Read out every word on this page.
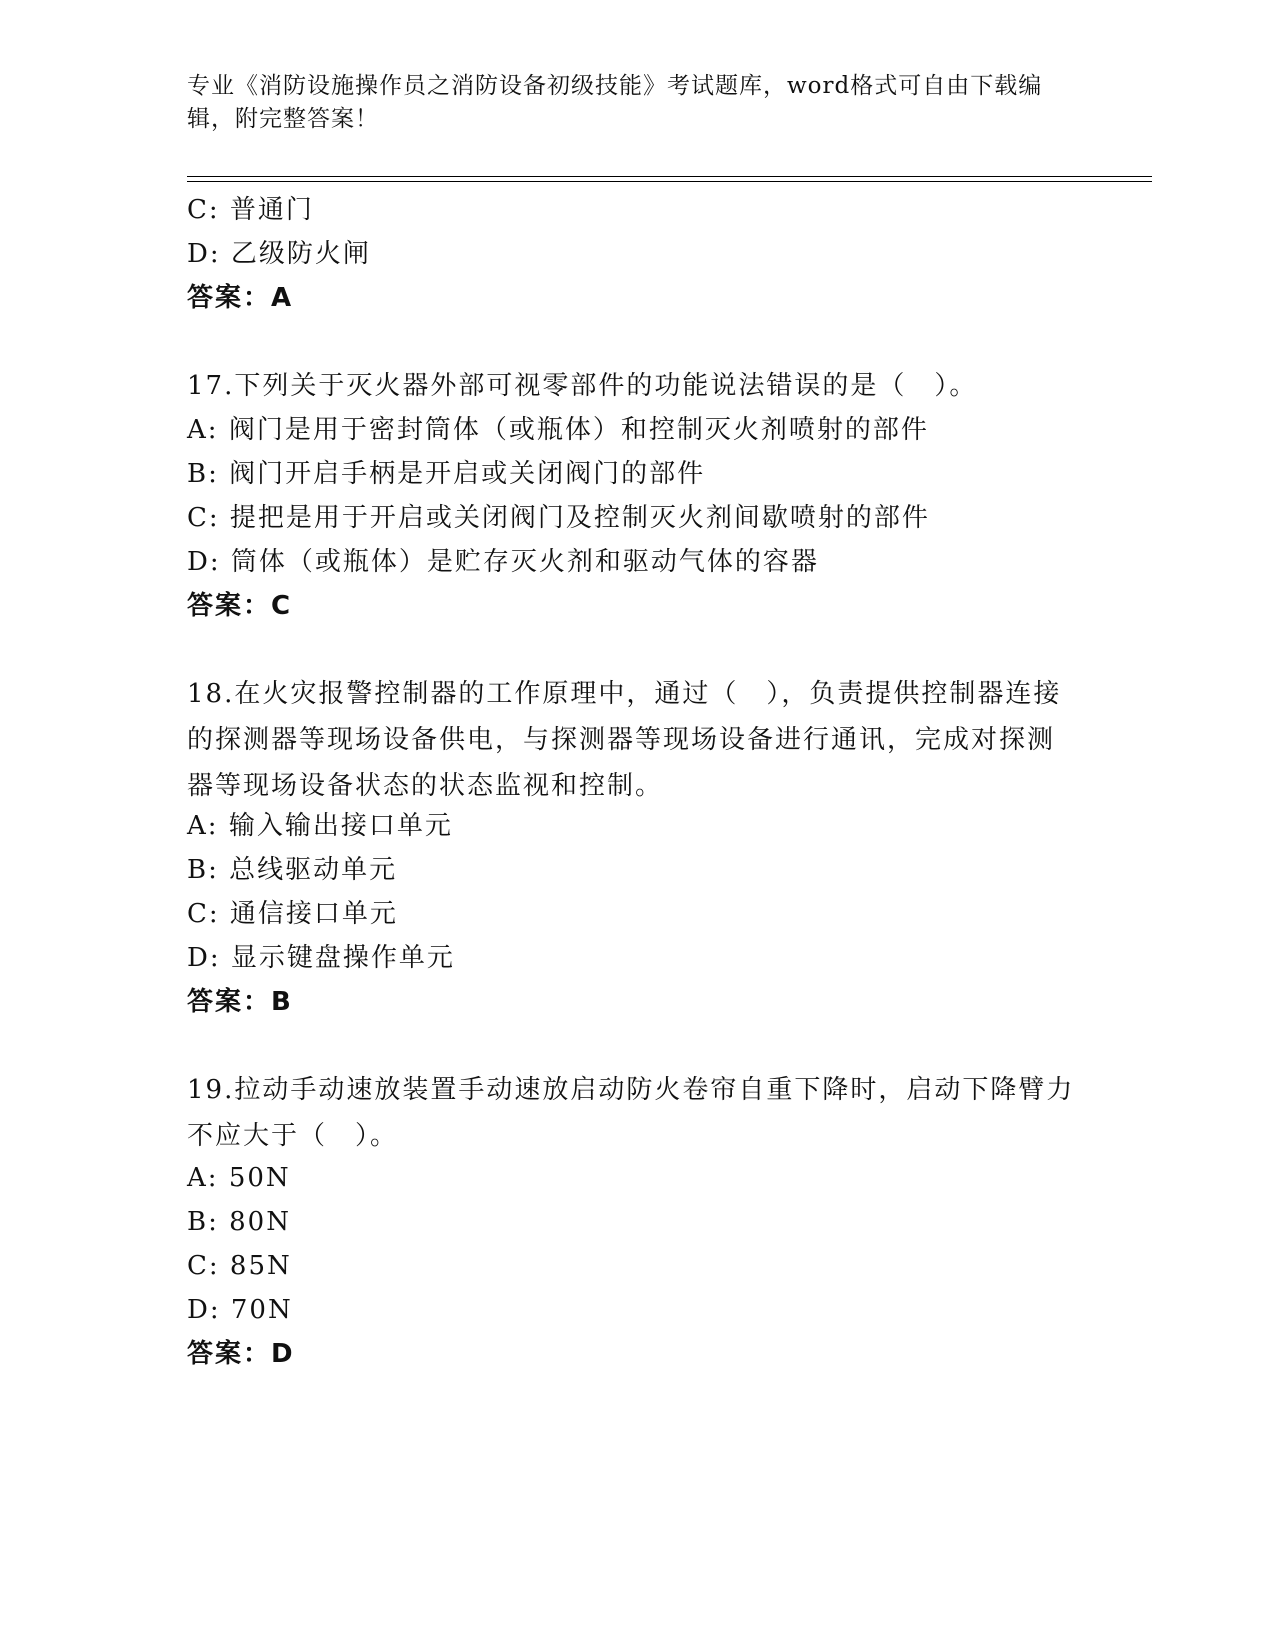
专业《消防设施操作员之消防设备初级技能》考试题库，word格式可自由下载编辑，附完整答案！
C: 普通门
D: 乙级防火闸
答案：A
17.下列关于灭火器外部可视零部件的功能说法错误的是（　）。
A: 阀门是用于密封筒体（或瓶体）和控制灭火剂喷射的部件
B: 阀门开启手柄是开启或关闭阀门的部件
C: 提把是用于开启或关闭阀门及控制灭火剂间歇喷射的部件
D: 筒体（或瓶体）是贮存灭火剂和驱动气体的容器
答案：C
18.在火灾报警控制器的工作原理中，通过（　），负责提供控制器连接的探测器等现场设备供电，与探测器等现场设备进行通讯，完成对探测器等现场设备状态的状态监视和控制。
A: 输入输出接口单元
B: 总线驱动单元
C: 通信接口单元
D: 显示键盘操作单元
答案：B
19.拉动手动速放装置手动速放启动防火卷帘自重下降时，启动下降臂力不应大于（　）。
A: 50N
B: 80N
C: 85N
D: 70N
答案：D
